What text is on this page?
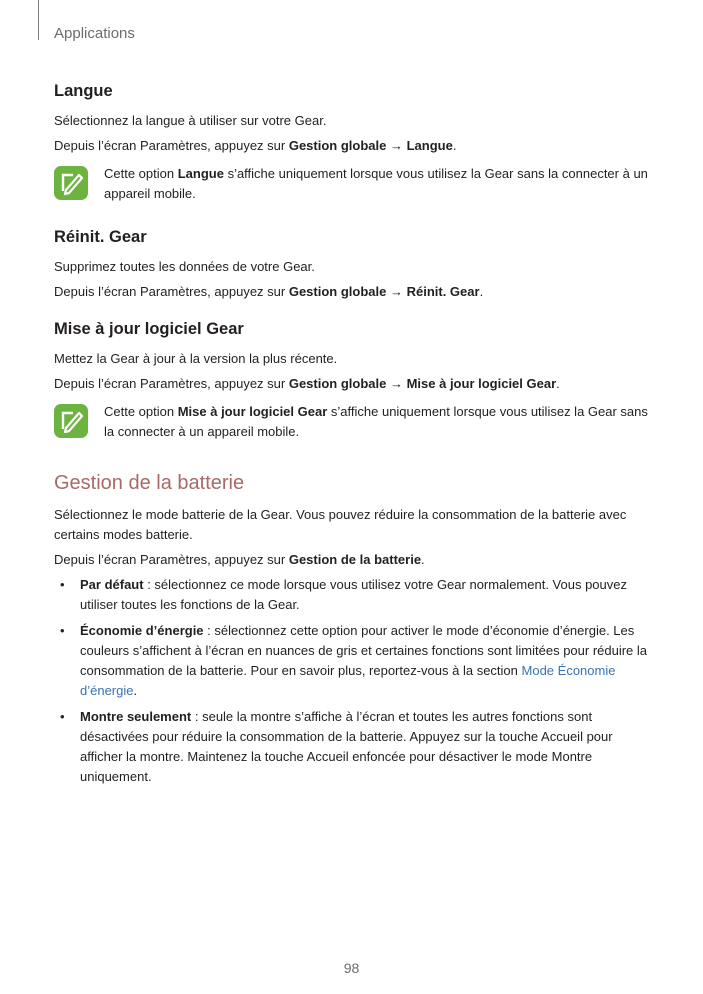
Applications
Langue

Sélectionnez la langue à utiliser sur votre Gear.

Depuis l’écran Paramètres, appuyez sur Gestion globale → Langue.

Cette option Langue s’affiche uniquement lorsque vous utilisez la Gear sans la connecter à un appareil mobile.
Réinit. Gear

Supprimez toutes les données de votre Gear.

Depuis l’écran Paramètres, appuyez sur Gestion globale → Réinit. Gear.

Mise à jour logiciel Gear

Mettez la Gear à jour à la version la plus récente.

Depuis l’écran Paramètres, appuyez sur Gestion globale → Mise à jour logiciel Gear.

Cette option Mise à jour logiciel Gear s’affiche uniquement lorsque vous utilisez la Gear sans la connecter à un appareil mobile.
Gestion de la batterie

Sélectionnez le mode batterie de la Gear. Vous pouvez réduire la consommation de la batterie avec certains modes batterie.

Depuis l’écran Paramètres, appuyez sur Gestion de la batterie.

• Par défaut : sélectionnez ce mode lorsque vous utilisez votre Gear normalement. Vous pouvez utiliser toutes les fonctions de la Gear.
• Économie d’énergie : sélectionnez cette option pour activer le mode d’économie d’énergie. Les couleurs s’affichent à l’écran en nuances de gris et certaines fonctions sont limitées pour réduire la consommation de la batterie. Pour en savoir plus, reportez-vous à la section Mode Économie d’énergie.
• Montre seulement : seule la montre s’affiche à l’écran et toutes les autres fonctions sont désactivées pour réduire la consommation de la batterie. Appuyez sur la touche Accueil pour afficher la montre. Maintenez la touche Accueil enfoncée pour désactiver le mode Montre uniquement.
98
